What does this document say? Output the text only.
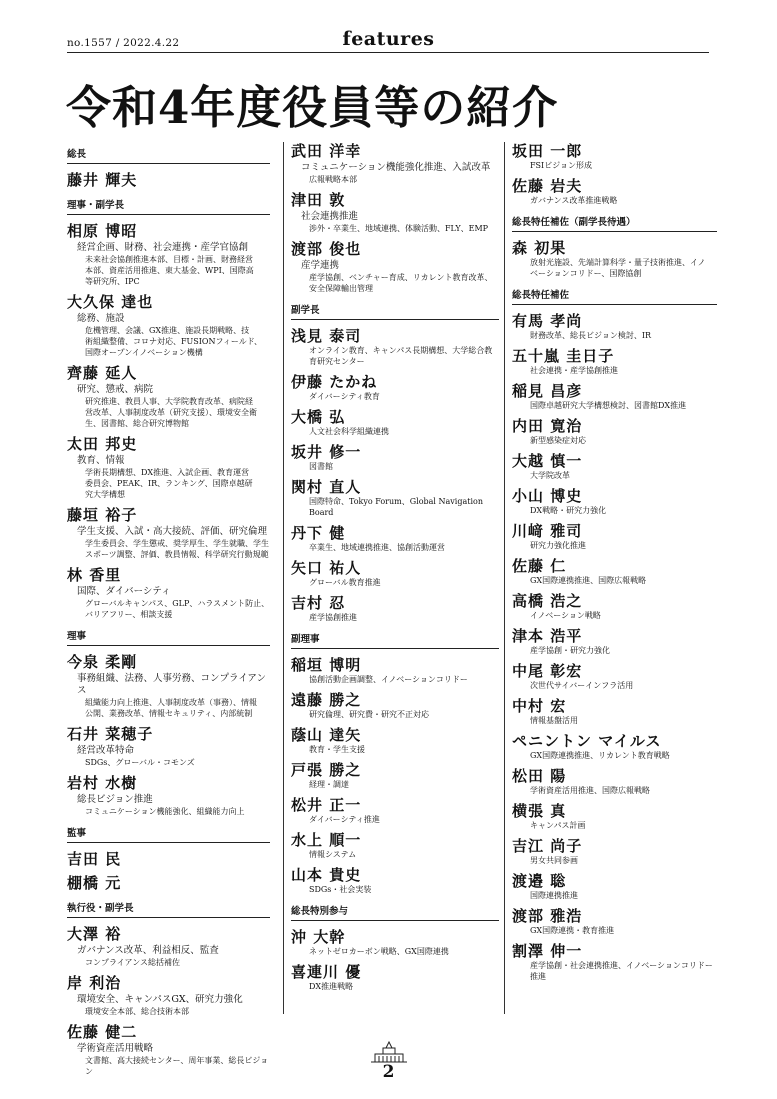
no.1557 / 2022.4.22	features
令和4年度役員等の紹介
総長
藤井 輝夫
理事・副学長
相原 博昭
経営企画、財務、社会連携・産学官協創
未来社会協創推進本部、目標・計画、財務経営
本部、資産活用推進、東大基金、WPI、国際高
等研究所、IPC
大久保 達也
総務、施設
危機管理、会議、GX推進、施設長期戦略、技
術組織整備、コロナ対応、FUSIONフィールド、
国際オープンイノベーション機構
齊藤 延人
研究、懲戒、病院
研究推進、教員人事、大学院教育改革、病院経
営改革、人事制度改革（研究支援）、環境安全衛
生、図書館、総合研究博物館
太田 邦史
教育、情報
学術長期構想、DX推進、入試企画、教育運営
委員会、PEAK、IR、ランキング、国際卓越研
究大学構想
藤垣 裕子
学生支援、入試・高大接続、評価、研究倫理
学生委員会、学生懲戒、奨学厚生、学生就職、学生
スポーツ調整、評価、教員情報、科学研究行動規範
林 香里
国際、ダイバーシティ
グローバルキャンパス、GLP、ハラスメント防止、
バリアフリー、相談支援
理事
今泉 柔剛
事務組織、法務、人事労務、コンプライアンス
組織能力向上推進、人事制度改革（事務）、情報
公開、業務改革、情報セキュリティ、内部統制
石井 菜穂子
経営改革特命
SDGs、グローバル・コモンズ
岩村 水樹
総長ビジョン推進
コミュニケーション機能強化、組織能力向上
監事
吉田 民
棚橋 元
執行役・副学長
大澤 裕
ガバナンス改革、利益相反、監査
コンプライアンス総括補佐
岸 利治
環境安全、キャンパスGX、研究力強化
環境安全本部、総合技術本部
佐藤 健二
学術資産活用戦略
文書館、高大接続センター、周年事業、総長ビジョン
武田 洋幸
コミュニケーション機能強化推進、入試改革
広報戦略本部
津田 敦
社会連携推進
渉外・卒業生、地域連携、体験活動、FLY、EMP
渡部 俊也
産学連携
産学協創、ベンチャー育成、リカレント教育改革、
安全保障輸出管理
副学長
浅見 泰司
オンライン教育、キャンパス長期構想、大学総合教
育研究センター
伊藤 たかね
ダイバーシティ教育
大橋 弘
人文社会科学組織連携
坂井 修一
図書館
関村 直人
国際特命、Tokyo Forum、Global Navigation Board
丹下 健
卒業生、地域連携推進、協創活動運営
矢口 祐人
グローバル教育推進
吉村 忍
産学協創推進
副理事
稲垣 博明
協創活動企画調整、イノベーションコリドー
遠藤 勝之
研究倫理、研究費・研究不正対応
蔭山 達矢
教育・学生支援
戸張 勝之
経理・調達
松井 正一
ダイバーシティ推進
水上 順一
情報システム
山本 貴史
SDGs・社会実装
総長特別参与
沖 大幹
ネットゼロカーボン戦略、GX国際連携
喜連川 優
DX推進戦略
坂田 一郎
FSIビジョン形成
佐藤 岩夫
ガバナンス改革推進戦略
総長特任補佐（副学長待遇）
森 初果
放射光施設、先端計算科学・量子技術推進、イノ
ベーションコリドー、国際協創
総長特任補佐
有馬 孝尚
財務改革、総長ビジョン検討、IR
五十嵐 圭日子
社会連携・産学協創推進
稲見 昌彦
国際卓越研究大学構想検討、図書館DX推進
内田 寛治
新型感染症対応
大越 慎一
大学院改革
小山 博史
DX戦略・研究力強化
川﨑 雅司
研究力強化推進
佐藤 仁
GX国際連携推進、国際広報戦略
高橋 浩之
イノベーション戦略
津本 浩平
産学協創・研究力強化
中尾 彰宏
次世代サイバーインフラ活用
中村 宏
情報基盤活用
ペニントン マイルス
GX国際連携推進、リカレント教育戦略
松田 陽
学術資産活用推進、国際広報戦略
横張 真
キャンパス計画
吉江 尚子
男女共同参画
渡邉 聡
国際連携推進
渡部 雅浩
GX国際連携・教育推進
割澤 伸一
産学協創・社会連携推進、イノベーションコリドー推進
2
